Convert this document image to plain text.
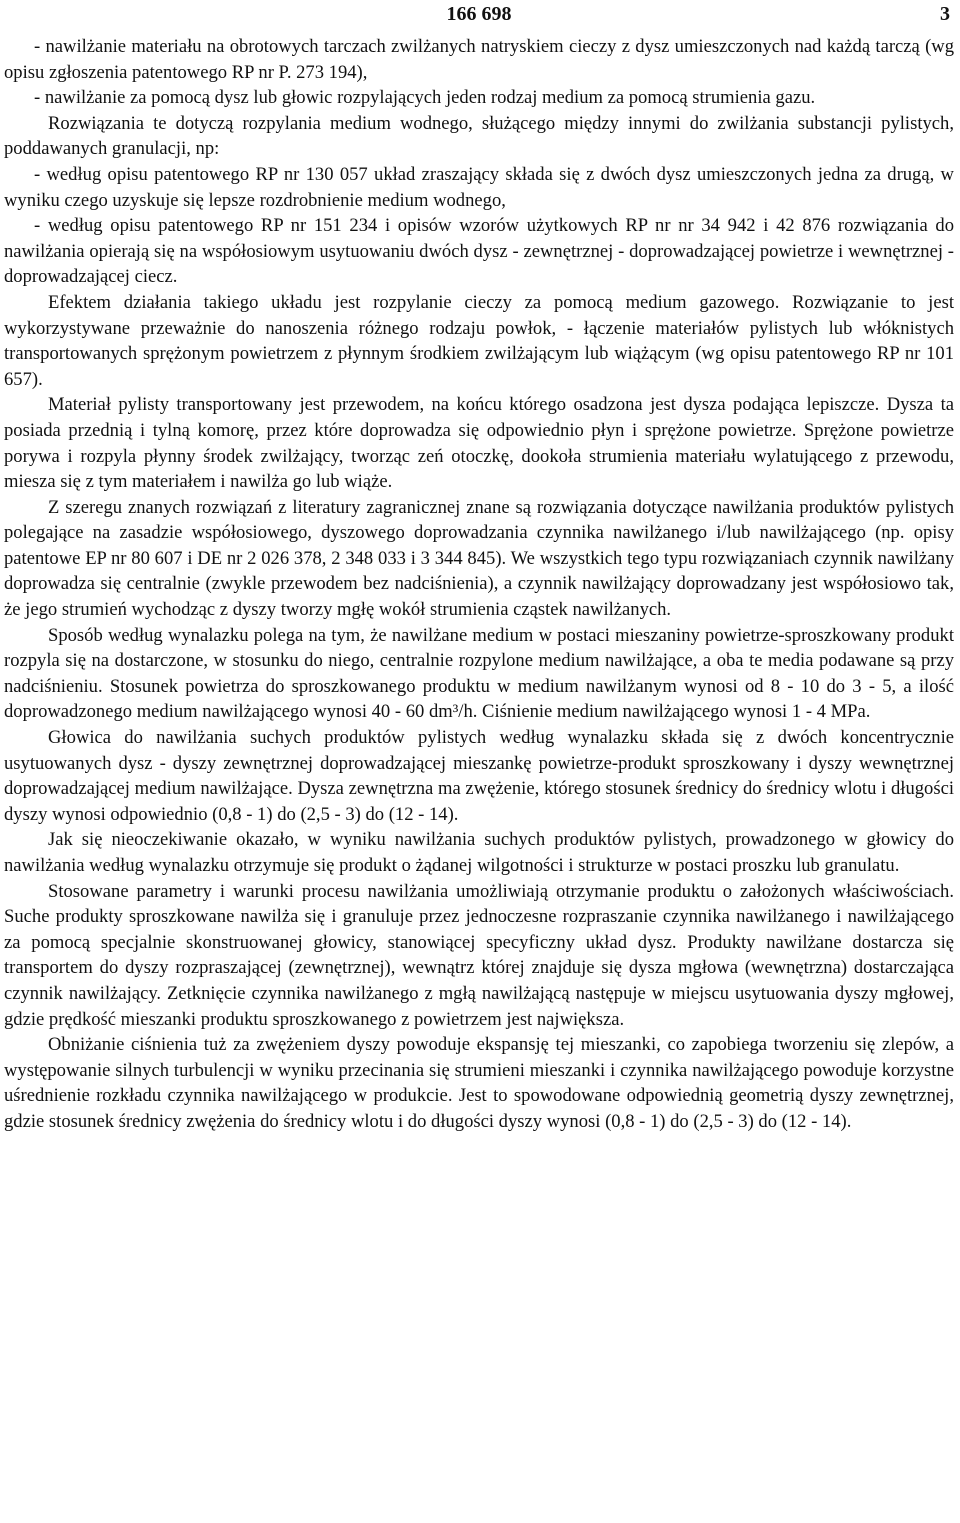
166 698	3

- nawilżanie materiału na obrotowych tarczach zwilżanych natryskiem cieczy z dysz umieszczonych nad każdą tarczą (wg opisu zgłoszenia patentowego RP nr P. 273 194),

- nawilżanie za pomocą dysz lub głowic rozpylających jeden rodzaj medium za pomocą strumienia gazu.

Rozwiązania te dotyczą rozpylania medium wodnego, służącego między innymi do zwilżania substancji pylistych, poddawanych granulacji, np:

- według opisu patentowego RP nr 130 057 układ zraszający składa się z dwóch dysz umieszczonych jedna za drugą, w wyniku czego uzyskuje się lepsze rozdrobnienie medium wodnego,

- według opisu patentowego RP nr 151 234 i opisów wzorów użytkowych RP nr nr 34 942 i 42 876 rozwiązania do nawilżania opierają się na współosiowym usytuowaniu dwóch dysz - zewnętrznej - doprowadzającej powietrze i wewnętrznej - doprowadzającej ciecz.

Efektem działania takiego układu jest rozpylanie cieczy za pomocą medium gazowego. Rozwiązanie to jest wykorzystywane przeważnie do nanoszenia różnego rodzaju powłok, - łączenie materiałów pylistych lub włóknistych transportowanych sprężonym powietrzem z płynnym środkiem zwilżającym lub wiążącym (wg opisu patentowego RP nr 101 657).

Materiał pylisty transportowany jest przewodem, na końcu którego osadzona jest dysza podająca lepiszcze. Dysza ta posiada przednią i tylną komorę, przez które doprowadza się odpowiednio płyn i sprężone powietrze. Sprężone powietrze porywa i rozpyla płynny środek zwilżający, tworząc zeń otoczkę, dookoła strumienia materiału wylatującego z przewodu, miesza się z tym materiałem i nawilża go lub wiąże.

Z szeregu znanych rozwiązań z literatury zagranicznej znane są rozwiązania dotyczące nawilżania produktów pylistych polegające na zasadzie współosiowego, dyszowego doprowadzania czynnika nawilżanego i/lub nawilżającego (np. opisy patentowe EP nr 80 607 i DE nr 2 026 378, 2 348 033 i 3 344 845). We wszystkich tego typu rozwiązaniach czynnik nawilżany doprowadza się centralnie (zwykle przewodem bez nadciśnienia), a czynnik nawilżający doprowadzany jest współosiowo tak, że jego strumień wychodząc z dyszy tworzy mgłę wokół strumienia cząstek nawilżanych.

Sposób według wynalazku polega na tym, że nawilżane medium w postaci mieszaniny powietrze-sproszkowany produkt rozpyla się na dostarczone, w stosunku do niego, centralnie rozpylone medium nawilżające, a oba te media podawane są przy nadciśnieniu. Stosunek powietrza do sproszkowanego produktu w medium nawilżanym wynosi od 8 - 10 do 3 - 5, a ilość doprowadzonego medium nawilżającego wynosi 40 - 60 dm³/h. Ciśnienie medium nawilżającego wynosi 1 - 4 MPa.

Głowica do nawilżania suchych produktów pylistych według wynalazku składa się z dwóch koncentrycznie usytuowanych dysz - dyszy zewnętrznej doprowadzającej mieszankę powietrze-produkt sproszkowany i dyszy wewnętrznej doprowadzającej medium nawilżające. Dysza zewnętrzna ma zwężenie, którego stosunek średnicy do średnicy wlotu i długości dyszy wynosi odpowiednio (0,8 - 1) do (2,5 - 3) do (12 - 14).

Jak się nieoczekiwanie okazało, w wyniku nawilżania suchych produktów pylistych, prowadzonego w głowicy do nawilżania według wynalazku otrzymuje się produkt o żądanej wilgotności i strukturze w postaci proszku lub granulatu.

Stosowane parametry i warunki procesu nawilżania umożliwiają otrzymanie produktu o założonych właściwościach. Suche produkty sproszkowane nawilża się i granuluje przez jednoczesne rozpraszanie czynnika nawilżanego i nawilżającego za pomocą specjalnie skonstruowanej głowicy, stanowiącej specyficzny układ dysz. Produkty nawilżane dostarcza się transportem do dyszy rozpraszającej (zewnętrznej), wewnątrz której znajduje się dysza mgłowa (wewnętrzna) dostarczająca czynnik nawilżający. Zetknięcie czynnika nawilżanego z mgłą nawilżającą następuje w miejscu usytuowania dyszy mgłowej, gdzie prędkość mieszanki produktu sproszkowanego z powietrzem jest największa.

Obniżanie ciśnienia tuż za zwężeniem dyszy powoduje ekspansję tej mieszanki, co zapobiega tworzeniu się zlepów, a występowanie silnych turbulencji w wyniku przecinania się strumieni mieszanki i czynnika nawilżającego powoduje korzystne uśrednienie rozkładu czynnika nawilżającego w produkcie. Jest to spowodowane odpowiednią geometrią dyszy zewnętrznej, gdzie stosunek średnicy zwężenia do średnicy wlotu i do długości dyszy wynosi (0,8 - 1) do (2,5 - 3) do (12 - 14).
